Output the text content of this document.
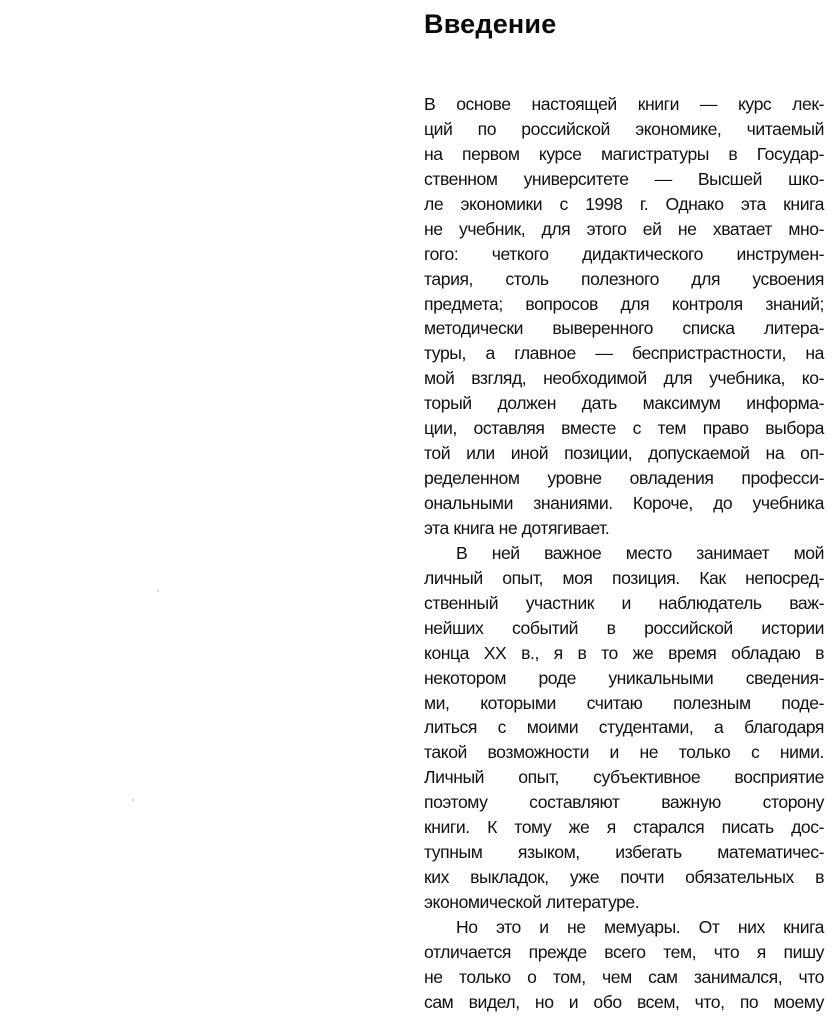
Введение
В основе настоящей книги — курс лек-
ций по российской экономике, читаемый
на первом курсе магистратуры в Государ-
ственном университете — Высшей шко-
ле экономики с 1998 г. Однако эта книга
не учебник, для этого ей не хватает мно-
гого: четкого дидактического инструмен-
тария, столь полезного для усвоения
предмета; вопросов для контроля знаний;
методически выверенного списка литера-
туры, а главное — беспристрастности, на
мой взгляд, необходимой для учебника, ко-
торый должен дать максимум информа-
ции, оставляя вместе с тем право выбора
той или иной позиции, допускаемой на оп-
ределенном уровне овладения професси-
ональными знаниями. Короче, до учебника
эта книга не дотягивает.
В ней важное место занимает мой
личный опыт, моя позиция. Как непосред-
ственный участник и наблюдатель важ-
нейших событий в российской истории
конца XX в., я в то же время обладаю в
некотором роде уникальными сведения-
ми, которыми считаю полезным поде-
литься с моими студентами, а благодаря
такой возможности и не только с ними.
Личный опыт, субъективное восприятие
поэтому составляют важную сторону
книги. К тому же я старался писать дос-
тупным языком, избегать математичес-
ких выкладок, уже почти обязательных в
экономической литературе.
Но это и не мемуары. От них книга
отличается прежде всего тем, что я пишу
не только о том, чем сам занимался, что
сам видел, но и обо всем, что, по моему
